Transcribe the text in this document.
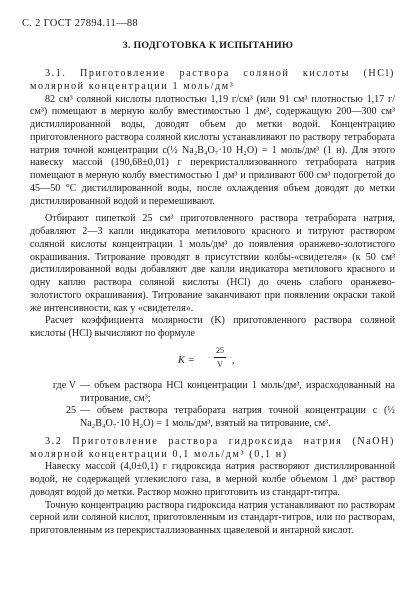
С. 2 ГОСТ 27894.11—88
3. ПОДГОТОВКА К ИСПЫТАНИЮ

3.1. Приготовление раствора соляной кислоты (HCl) молярной концентрации 1 моль/дм³

82 см³ соляной кислоты плотностью 1,19 г/см³ (или 91 см³ плотностью 1,17 г/см³) помещают в мерную колбу вместимостью 1 дм³, содержащую 200—300 см³ дистиллированной воды, доводят объем до метки водой. Концентрацию приготовленного раствора соляной кислоты устанавливают по раствору тетрабората натрия точной концентрации c(½ Na₂B₄O₇·10 H₂O) = 1 моль/дм³ (1 н). Для этого навеску массой (190,68±0,01) г перекристаллизованного тетрабората натрия помещают в мерную колбу вместимостью 1 дм³ и приливают 600 см³ подогретой до 45—50 °С дистиллированной воды, после охлаждения объем доводят до метки дистиллированной водой и перемешивают.

Отбирают пипеткой 25 см³ приготовленного раствора тетрабората натрия, добавляют 2—3 капли индикатора метилового красного и титруют раствором соляной кислоты концентрации 1 моль/дм³ до появления оранжево-золотистого окрашивания. Титрование проводят в присутствии колбы-«свидетеля» (к 50 см³ дистиллированной воды добавляют две капли индикатора метилового красного и одну каплю раствора соляной кислоты (HCl) до очень слабого оранжево-золотистого окрашивания). Титрование заканчивают при появлении окраски такой же интенсивности, как у «свидетеля».

Расчет коэффициента молярности (K) приготовленного раствора соляной кислоты (HCl) вычисляют по формуле

K =
25
V ,
где V — объем раствора HCl концентрации 1 моль/дм³, израсходованный на титрование, см³;
25 — объем раствора тетрабората натрия точной концентрации с (½ Na₂B₄O₇·10 H₂O) = 1 моль/дм³, взятый на титрование, см³.

3.2 Приготовление раствора гидроксида натрия (NaOH) молярной концентрации 0,1 моль/дм³ (0,1 н)

Навеску массой (4,0±0,1) г гидроксида натрия растворяют дистиллированной водой, не содержащей углекислого газа, в мерной колбе объемом 1 дм³ раствор доводят водой до метки. Раствор можно приготовить из стандарт-титра.

Точную концентрацию раствора гидроксида натрия устанавливают по растворам серной или соляной кислот, приготовленным из стандарт-титров, или по растворам, приготовленным из перекристаллизованных щавелевой и янтарной кислот.
